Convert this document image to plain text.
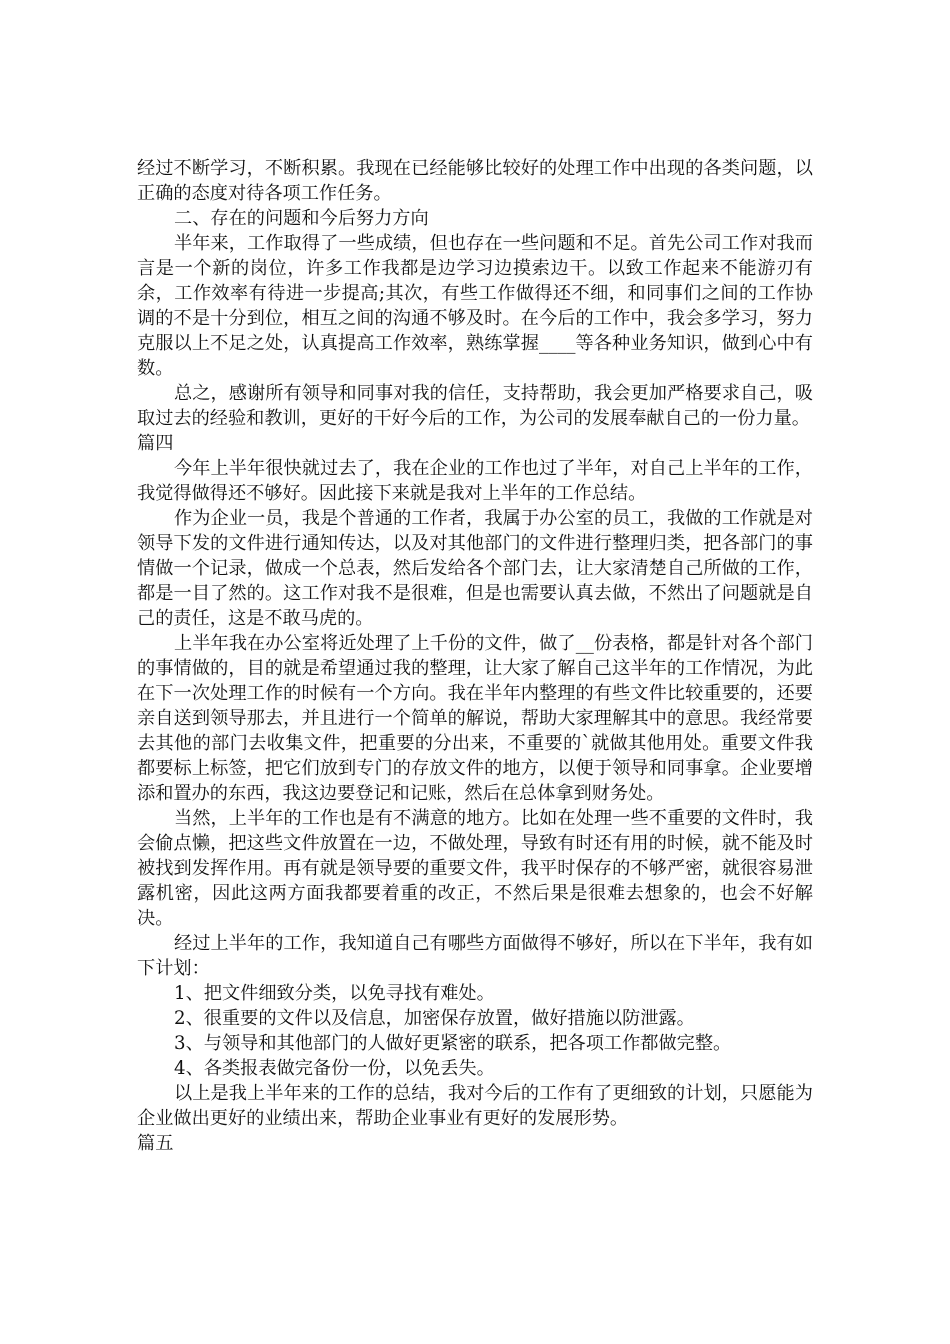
经过不断学习，不断积累。我现在已经能够比较好的处理工作中出现的各类问题，以正确的态度对待各项工作任务。

二、存在的问题和今后努力方向

半年来，工作取得了一些成绩，但也存在一些问题和不足。首先公司工作对我而言是一个新的岗位，许多工作我都是边学习边摸索边干。以致工作起来不能游刃有余，工作效率有待进一步提高;其次，有些工作做得还不细，和同事们之间的工作协调的不是十分到位，相互之间的沟通不够及时。在今后的工作中，我会多学习，努力克服以上不足之处，认真提高工作效率，熟练掌握____等各种业务知识，做到心中有数。

总之，感谢所有领导和同事对我的信任，支持帮助，我会更加严格要求自己，吸取过去的经验和教训，更好的干好今后的工作，为公司的发展奉献自己的一份力量。

篇四

今年上半年很快就过去了，我在企业的工作也过了半年，对自己上半年的工作，我觉得做得还不够好。因此接下来就是我对上半年的工作总结。

作为企业一员，我是个普通的工作者，我属于办公室的员工，我做的工作就是对领导下发的文件进行通知传达，以及对其他部门的文件进行整理归类，把各部门的事情做一个记录，做成一个总表，然后发给各个部门去，让大家清楚自己所做的工作，都是一目了然的。这工作对我不是很难，但是也需要认真去做，不然出了问题就是自己的责任，这是不敢马虎的。

上半年我在办公室将近处理了上千份的文件，做了__份表格，都是针对各个部门的事情做的，目的就是希望通过我的整理，让大家了解自己这半年的工作情况，为此在下一次处理工作的时候有一个方向。我在半年内整理的有些文件比较重要的，还要亲自送到领导那去，并且进行一个简单的解说，帮助大家理解其中的意思。我经常要去其他的部门去收集文件，把重要的分出来，不重要的`就做其他用处。重要文件我都要标上标签，把它们放到专门的存放文件的地方，以便于领导和同事拿。企业要增添和置办的东西，我这边要登记和记账，然后在总体拿到财务处。

当然，上半年的工作也是有不满意的地方。比如在处理一些不重要的文件时，我会偷点懒，把这些文件放置在一边，不做处理，导致有时还有用的时候，就不能及时被找到发挥作用。再有就是领导要的重要文件，我平时保存的不够严密，就很容易泄露机密，因此这两方面我都要着重的改正，不然后果是很难去想象的，也会不好解决。

经过上半年的工作，我知道自己有哪些方面做得不够好，所以在下半年，我有如下计划：

1、把文件细致分类，以免寻找有难处。

2、很重要的文件以及信息，加密保存放置，做好措施以防泄露。

3、与领导和其他部门的人做好更紧密的联系，把各项工作都做完整。

4、各类报表做完备份一份，以免丢失。

以上是我上半年来的工作的总结，我对今后的工作有了更细致的计划，只愿能为企业做出更好的业绩出来，帮助企业事业有更好的发展形势。

篇五
